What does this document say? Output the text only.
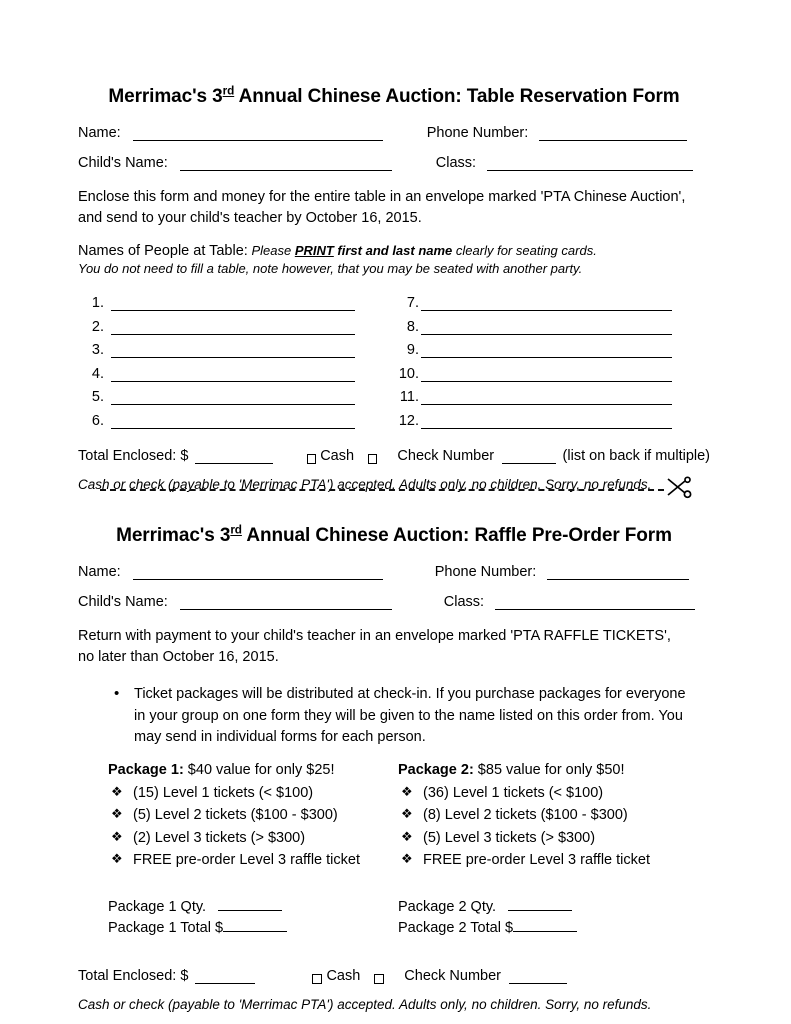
Merrimac's 3rd Annual Chinese Auction: Table Reservation Form
Name:	Phone Number:
Child's Name:	Class:
Enclose this form and money for the entire table in an envelope marked 'PTA Chinese Auction', and send to your child's teacher by October 16, 2015.
Names of People at Table: Please PRINT first and last name clearly for seating cards.
You do not need to fill a table, note however, that you may be seated with another party.
1.
2.
3.
4.
5.
6.
7.
8.
9.
10.
11.
12.
Total Enclosed: $	Cash	Check Number	(list on back if multiple)
Cash or check (payable to 'Merrimac PTA') accepted. Adults only, no children. Sorry, no refunds.
Merrimac's 3rd Annual Chinese Auction: Raffle Pre-Order Form
Name:	Phone Number:
Child's Name:	Class:
Return with payment to your child's teacher in an envelope marked 'PTA RAFFLE TICKETS', no later than October 16, 2015.
• Ticket packages will be distributed at check-in. If you purchase packages for everyone in your group on one form they will be given to the name listed on this order from. You may send in individual forms for each person.
Package 1: $40 value for only $25!
❖ (15) Level 1 tickets (< $100)
❖ (5) Level 2 tickets ($100 - $300)
❖ (2) Level 3 tickets (> $300)
❖ FREE pre-order Level 3 raffle ticket
Package 2: $85 value for only $50!
❖ (36) Level 1 tickets (< $100)
❖ (8) Level 2 tickets ($100 - $300)
❖ (5) Level 3 tickets (> $300)
❖ FREE pre-order Level 3 raffle ticket
Package 1 Qty.
Package 1 Total $
Package 2 Qty.
Package 2 Total $
Total Enclosed: $	Cash	Check Number
Cash or check (payable to 'Merrimac PTA') accepted. Adults only, no children. Sorry, no refunds.
